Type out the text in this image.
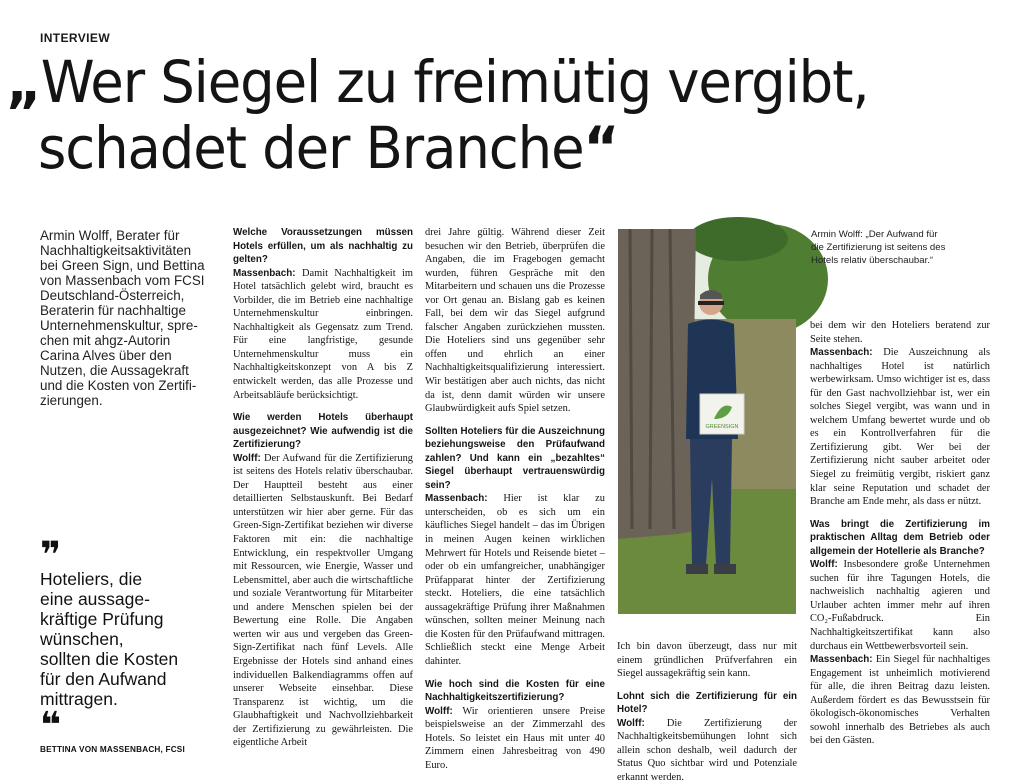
INTERVIEW
„Wer Siegel zu freimütig vergibt,
schadet der Branche“
Armin Wolff, Berater für
Nachhaltigkeitsaktivitäten
bei Green Sign, und Bettina
von Massenbach vom FCSI
Deutschland-Österreich,
Beraterin für nachhaltige
Unternehmenskultur, spre-
chen mit ahgz-Autorin
Carina Alves über den
Nutzen, die Aussagekraft
und die Kosten von Zertifi-
zierungen.
❞
Hoteliers, die
eine aussage-
kräftige Prüfung
wünschen,
sollten die Kosten
für den Aufwand
mittragen.
❝
BETTINA VON MASSENBACH, FCSI

Welche Voraussetzungen müssen Hotels erfüllen, um als nachhaltig zu gelten?

Massenbach: Damit Nachhaltigkeit im Hotel tatsächlich gelebt wird, braucht es Vorbilder, die im Betrieb eine nachhaltige Unternehmenskultur einbringen. Nachhaltigkeit als Gegensatz zum Trend. Für eine langfristige, gesunde Unternehmenskultur muss ein Nachhaltigkeitskonzept von A bis Z entwickelt werden, das alle Prozesse und Arbeitsabläufe berücksichtigt.

Wie werden Hotels überhaupt ausgezeichnet? Wie aufwendig ist die Zertifizierung?

Wolff: Der Aufwand für die Zertifizierung ist seitens des Hotels relativ überschaubar. Der Hauptteil besteht aus einer detaillierten Selbstauskunft. Bei Bedarf unterstützen wir hier aber gerne. Für das Green-Sign-Zertifikat beziehen wir diverse Faktoren mit ein: die nachhaltige Entwicklung, ein respektvoller Umgang mit Ressourcen, wie Energie, Wasser und Lebensmittel, aber auch die wirtschaftliche und soziale Verantwortung für Mitarbeiter und andere Menschen spielen bei der Bewertung eine Rolle. Die Angaben werten wir aus und vergeben das Green-Sign-Zertifikat nach fünf Levels. Alle Ergebnisse der Hotels sind anhand eines individuellen Balkendiagramms offen auf unserer Webseite einsehbar. Diese Transparenz ist wichtig, um die Glaubhaftigkeit und Nachvollziehbarkeit der Zertifizierung zu gewährleisten. Die eigentliche Arbeit

drei Jahre gültig. Während dieser Zeit besuchen wir den Betrieb, überprüfen die Angaben, die im Fragebogen gemacht wurden, führen Gespräche mit den Mitarbeitern und schauen uns die Prozesse vor Ort genau an. Bislang gab es keinen Fall, bei dem wir das Siegel aufgrund falscher Angaben zurückziehen mussten. Die Hoteliers sind uns gegenüber sehr offen und ehrlich an einer Nachhaltigkeitsqualifizierung interessiert. Wir bestätigen aber auch nichts, das nicht da ist, denn damit würden wir unsere Glaubwürdigkeit aufs Spiel setzen.

Sollten Hoteliers für die Auszeichnung beziehungsweise den Prüfaufwand zahlen? Und kann ein „bezahltes“ Siegel überhaupt vertrauenswürdig sein?

Massenbach: Hier ist klar zu unterscheiden, ob es sich um ein käufliches Siegel handelt – das im Übrigen in meinen Augen keinen wirklichen Mehrwert für Hotels und Reisende bietet – oder ob ein umfangreicher, unabhängiger Prüfapparat hinter der Zertifizierung steckt. Hoteliers, die eine tatsächlich aussagekräftige Prüfung ihrer Maßnahmen wünschen, sollten meiner Meinung nach die Kosten für den Prüfaufwand mittragen. Schließlich steckt eine Menge Arbeit dahinter.

Wie hoch sind die Kosten für eine Nachhaltigkeitszertifizierung?

Wolff: Wir orientieren unsere Preise beispielsweise an der Zimmerzahl des Hotels. So leistet ein Haus mit unter 40 Zimmern einen Jahresbeitrag von 490 Euro.

GREENSIGN
Armin Wolff: „Der Aufwand für
die Zertifizierung ist seitens des
Hotels relativ überschaubar.“

Ich bin davon überzeugt, dass nur mit einem gründlichen Prüfverfahren ein Siegel aussagekräftig sein kann.

Lohnt sich die Zertifizierung für ein Hotel?

Wolff: Die Zertifizierung der Nachhaltigkeitsbemühungen lohnt sich allein schon deshalb, weil dadurch der Status Quo sichtbar wird und Potenziale erkannt werden.

bei dem wir den Hoteliers beratend zur Seite stehen.

Massenbach: Die Auszeichnung als nachhaltiges Hotel ist natürlich werbewirksam. Umso wichtiger ist es, dass für den Gast nachvollziehbar ist, wer ein solches Siegel vergibt, was wann und in welchem Umfang bewertet wurde und ob es ein Kontrollverfahren für die Zertifizierung gibt. Wer bei der Zertifizierung nicht sauber arbeitet oder Siegel zu freimütig vergibt, riskiert ganz klar seine Reputation und schadet der Branche am Ende mehr, als dass er nützt.

Was bringt die Zertifizierung im praktischen Alltag dem Betrieb oder allgemein der Hotellerie als Branche?

Wolff: Insbesondere große Unternehmen suchen für ihre Tagungen Hotels, die nachweislich nachhaltig agieren und Urlauber achten immer mehr auf ihren CO₂-Fußabdruck. Ein Nachhaltigkeitszertifikat kann also durchaus ein Wettbewerbsvorteil sein.

Massenbach: Ein Siegel für nachhaltiges Engagement ist unheimlich motivierend für alle, die ihren Beitrag dazu leisten. Außerdem fördert es das Bewusstsein für ökologisch-ökonomisches Verhalten sowohl innerhalb des Betriebes als auch bei den Gästen.
